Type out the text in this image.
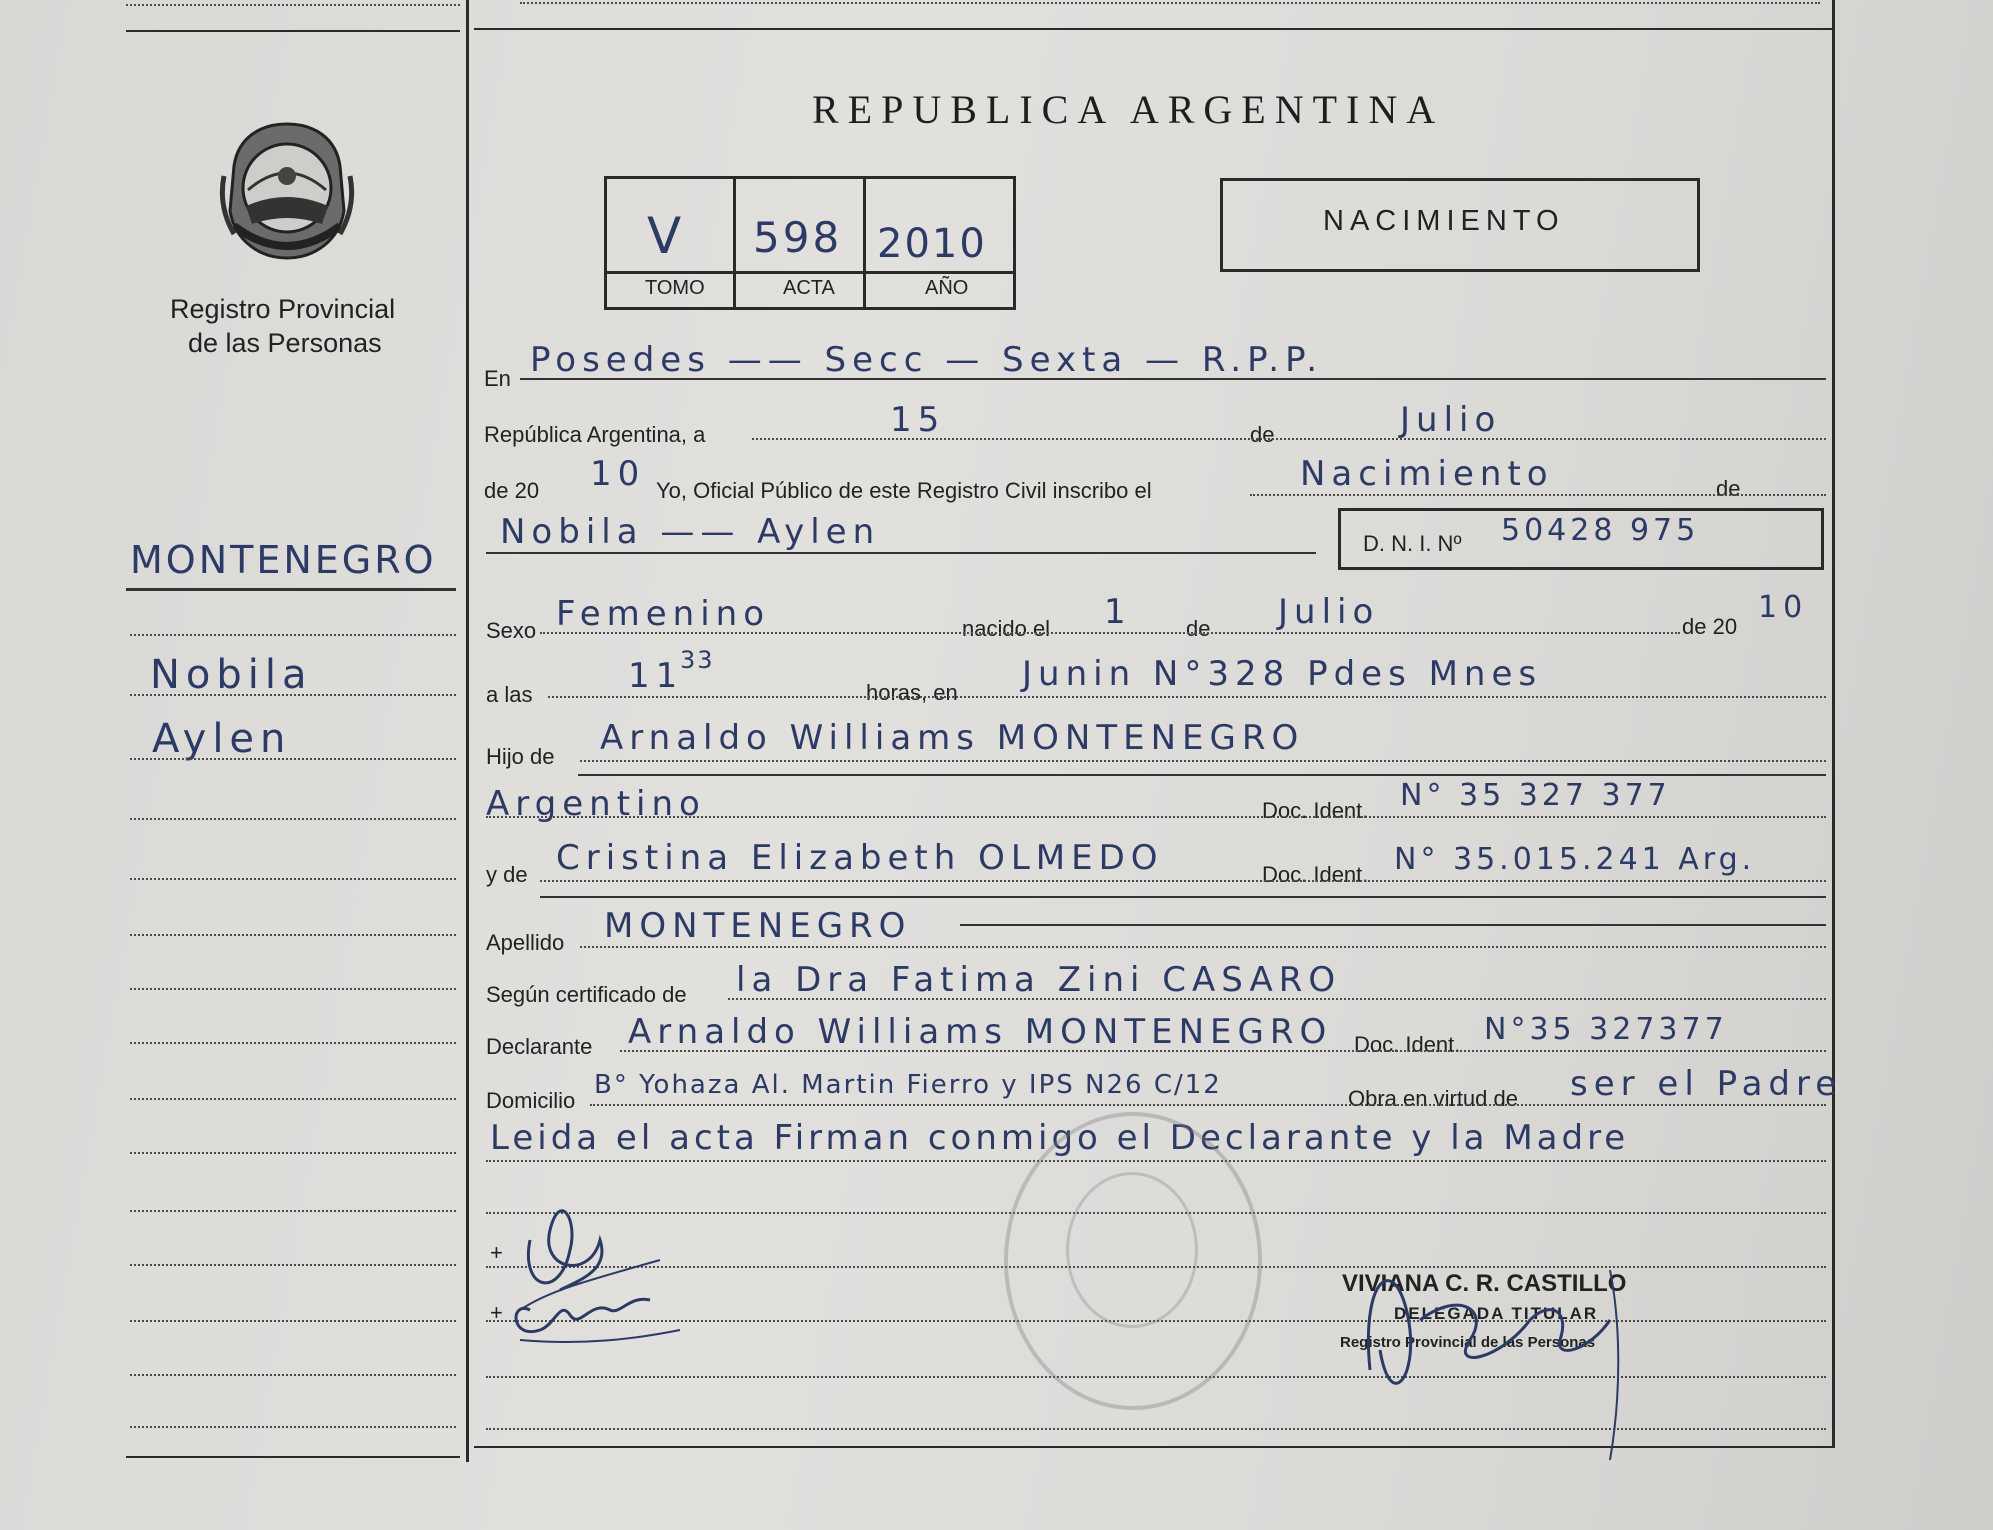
Registro Provincial
de las Personas
REPUBLICA ARGENTINA
V 598 2010
TOMO	ACTA	AÑO
NACIMIENTO
MONTENEGRO
Nobila
Aylen
En Posedes —— Secc — Sexta — R.P.P.
República Argentina, a	15	de	Julio
de 20 10 Yo, Oficial Público de este Registro Civil inscribo el	Nacimiento	de
Nobila —— Aylen	D. N. I. Nº 50428 975
Sexo Femenino	nacido el 1 de Julio	de 20
10
a las	11
33
horas, en Junin N°328 Pdes Mnes
Hijo de Arnaldo Williams MONTENEGRO
Argentino	Doc. Ident. N° 35 327 377
y de Cristina Elizabeth OLMEDO	Doc. Ident. N° 35.015.241 Arg.
Apellido MONTENEGRO
Según certificado de la Dra Fatima Zini CASARO
Declarante Arnaldo Williams MONTENEGRO Doc. Ident. N°35 327377
Domicilio
B° Yohaza Al. Martin Fierro y IPS N26 C/12	Obra en virtud de ser el Padre
Leida el acta Firman conmigo el Declarante y la Madre
+
+
VIVIANA C. R. CASTILLO
DELEGADA TITULAR
Registro Provincial de las Personas
